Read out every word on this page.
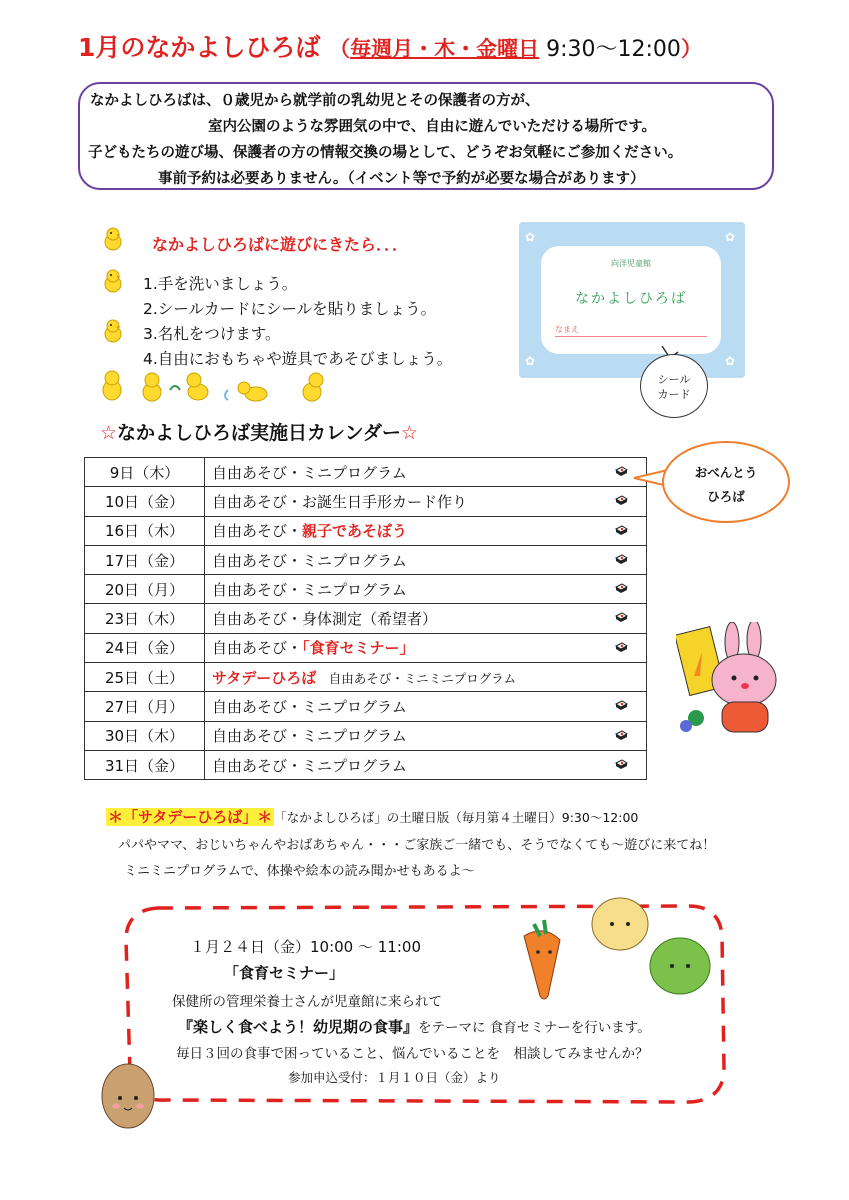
1月のなかよしひろば （毎週月・木・金曜日 9:30〜12:00）
なかよしひろばは、０歳児から就学前の乳幼児とその保護者の方が、
室内公園のような雰囲気の中で、自由に遊んでいただける場所です。
子どもたちの遊び場、保護者の方の情報交換の場として、どうぞお気軽にご参加ください。
事前予約は必要ありません。（イベント等で予約が必要な場合があります）
なかよしひろばに遊びにきたら．．．
1.手を洗いましょう。
2.シールカードにシールを貼りましょう。
3.名札をつけます。
4.自由におもちゃや遊具であそびましょう。
✿	✿
✿	✿
向洋児童館
なかよしひろば
なまえ
シール
カード
☆なかよしひろば実施日カレンダー☆
9日（木）	自由あそび・ミニプログラム

10日（金）	自由あそび・お誕生日手形カード作り

16日（木）	自由あそび・親子であそぼう

17日（金）	自由あそび・ミニプログラム

20日（月）	自由あそび・ミニプログラム

23日（木）	自由あそび・身体測定（希望者）

24日（金）	自由あそび・「食育セミナー」

25日（土）	サタデーひろば　自由あそび・ミニミニプログラム
27日（月）	自由あそび・ミニプログラム

30日（木）	自由あそび・ミニプログラム

31日（金）	自由あそび・ミニプログラム
おべんとう
ひろば
＊「サタデーひろば」＊ 「なかよしひろば」の土曜日版（毎月第４土曜日）9:30〜12:00
パパやママ、おじいちゃんやおばあちゃん・・・ご家族ご一緒でも、そうでなくても〜遊びに来てね！
ミニミニプログラムで、体操や絵本の読み聞かせもあるよ〜
１月２４日（金）10:00 〜 11:00
「食育セミナー」
保健所の管理栄養士さんが児童館に来られて
『楽しく食べよう！幼児期の食事』をテーマに 食育セミナーを行います。
毎日３回の食事で困っていること、悩んでいることを　相談してみませんか？
参加申込受付：１月１０日（金）より
